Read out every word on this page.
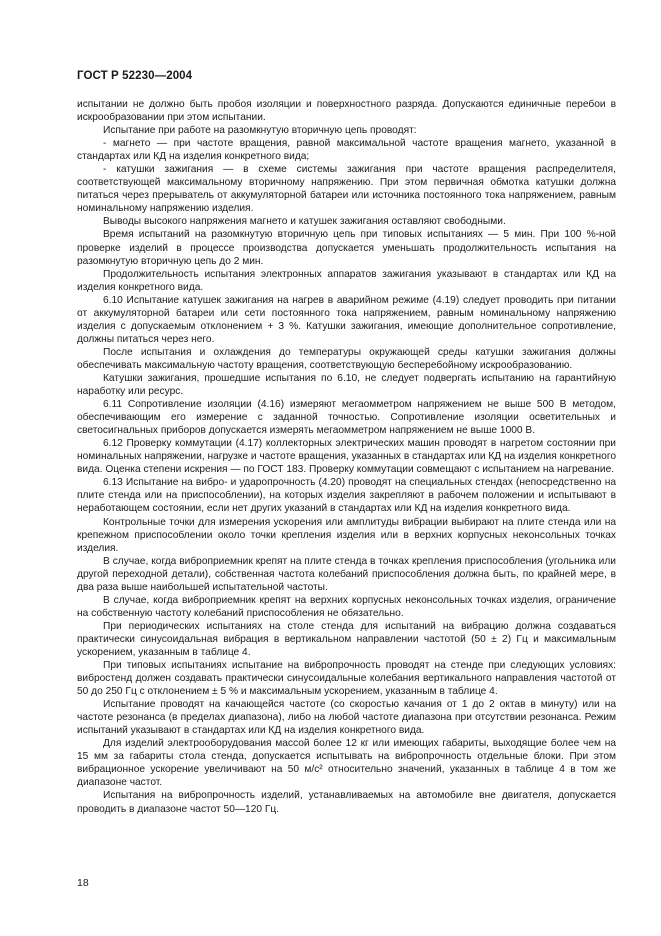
ГОСТ Р 52230—2004

испытании не должно быть пробоя изоляции и поверхностного разряда. Допускаются единичные перебои в искрообразовании при этом испытании.

Испытание при работе на разомкнутую вторичную цепь проводят:

- магнето — при частоте вращения, равной максимальной частоте вращения магнето, указанной в стандартах или КД на изделия конкретного вида;

- катушки зажигания — в схеме системы зажигания при частоте вращения распределителя, соответствующей максимальному вторичному напряжению. При этом первичная обмотка катушки должна питаться через прерыватель от аккумуляторной батареи или источника постоянного тока напряжением, равным номинальному напряжению изделия.

Выводы высокого напряжения магнето и катушек зажигания оставляют свободными.

Время испытаний на разомкнутую вторичную цепь при типовых испытаниях — 5 мин. При 100 %-ной проверке изделий в процессе производства допускается уменьшать продолжительность испытания на разомкнутую вторичную цепь до 2 мин.

Продолжительность испытания электронных аппаратов зажигания указывают в стандартах или КД на изделия конкретного вида.

6.10 Испытание катушек зажигания на нагрев в аварийном режиме (4.19) следует проводить при питании от аккумуляторной батареи или сети постоянного тока напряжением, равным номинальному напряжению изделия с допускаемым отклонением + 3 %. Катушки зажигания, имеющие дополнительное сопротивление, должны питаться через него.

После испытания и охлаждения до температуры окружающей среды катушки зажигания должны обеспечивать максимальную частоту вращения, соответствующую бесперебойному искрообразованию.

Катушки зажигания, прошедшие испытания по 6.10, не следует подвергать испытанию на гарантийную наработку или ресурс.

6.11 Сопротивление изоляции (4.16) измеряют мегаомметром напряжением не выше 500 В методом, обеспечивающим его измерение с заданной точностью. Сопротивление изоляции осветительных и светосигнальных приборов допускается измерять мегаомметром напряжением не выше 1000 В.

6.12 Проверку коммутации (4.17) коллекторных электрических машин проводят в нагретом состоянии при номинальных напряжении, нагрузке и частоте вращения, указанных в стандартах или КД на изделия конкретного вида. Оценка степени искрения — по ГОСТ 183. Проверку коммутации совмещают с испытанием на нагревание.

6.13 Испытание на вибро- и ударопрочность (4.20) проводят на специальных стендах (непосредственно на плите стенда или на приспособлении), на которых изделия закрепляют в рабочем положении и испытывают в неработающем состоянии, если нет других указаний в стандартах или КД на изделия конкретного вида.

Контрольные точки для измерения ускорения или амплитуды вибрации выбирают на плите стенда или на крепежном приспособлении около точки крепления изделия или в верхних корпусных неконсольных точках изделия.

В случае, когда виброприемник крепят на плите стенда в точках крепления приспособления (угольника или другой переходной детали), собственная частота колебаний приспособления должна быть, по крайней мере, в два раза выше наибольшей испытательной частоты.

В случае, когда виброприемник крепят на верхних корпусных неконсольных точках изделия, ограничение на собственную частоту колебаний приспособления не обязательно.

При периодических испытаниях на столе стенда для испытаний на вибрацию должна создаваться практически синусоидальная вибрация в вертикальном направлении частотой (50 ± 2) Гц и максимальным ускорением, указанным в таблице 4.

При типовых испытаниях испытание на вибропрочность проводят на стенде при следующих условиях: вибростенд должен создавать практически синусоидальные колебания вертикального направления частотой от 50 до 250 Гц с отклонением ± 5 % и максимальным ускорением, указанным в таблице 4.

Испытание проводят на качающейся частоте (со скоростью качания от 1 до 2 октав в минуту) или на частоте резонанса (в пределах диапазона), либо на любой частоте диапазона при отсутствии резонанса. Режим испытаний указывают в стандартах или КД на изделия конкретного вида.

Для изделий электрооборудования массой более 12 кг или имеющих габариты, выходящие более чем на 15 мм за габариты стола стенда, допускается испытывать на вибропрочность отдельные блоки. При этом вибрационное ускорение увеличивают на 50 м/с² относительно значений, указанных в таблице 4 в том же диапазоне частот.

Испытания на вибропрочность изделий, устанавливаемых на автомобиле вне двигателя, допускается проводить в диапазоне частот 50—120 Гц.

18
